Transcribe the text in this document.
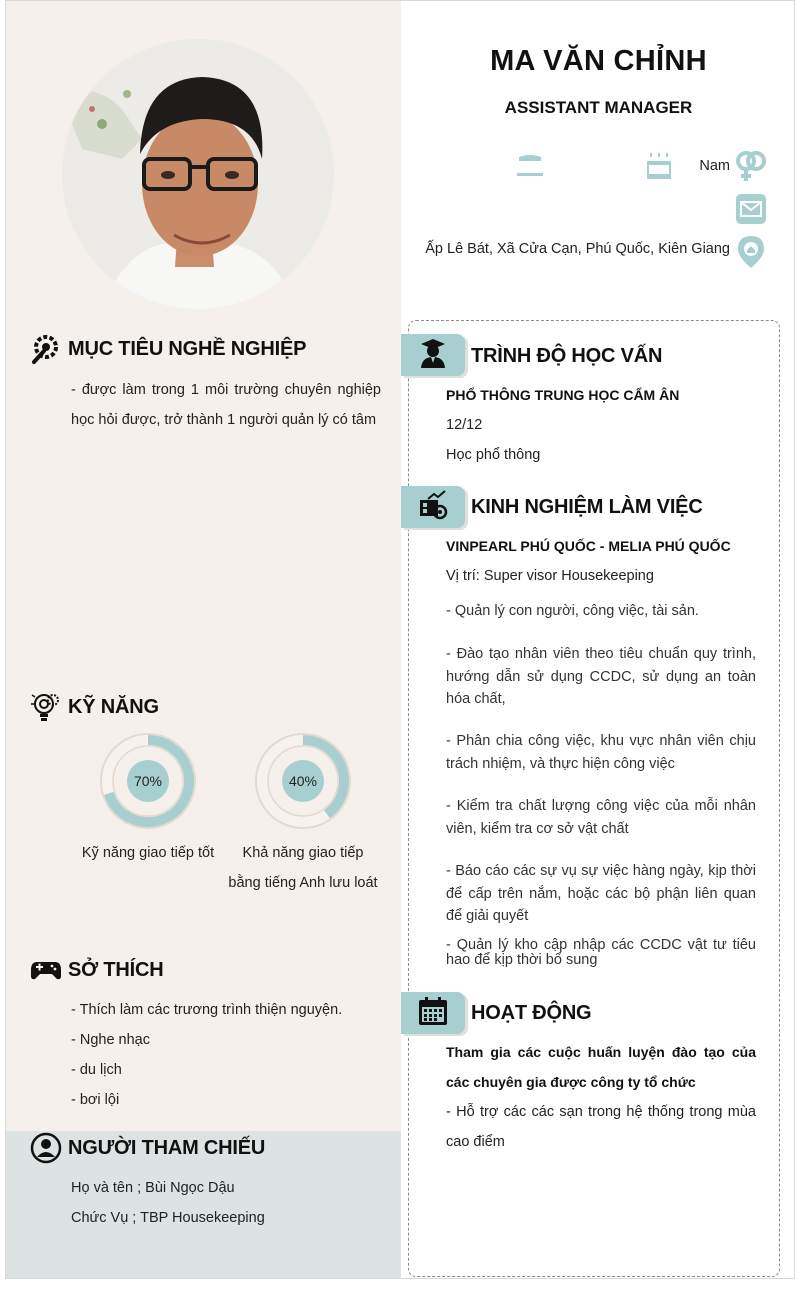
MỤC TIÊU NGHỀ NGHIỆP
- được làm trong 1 môi trường chuyên nghiệp học hỏi được, trở thành 1 người quản lý có tâm
KỸ NĂNG
70%	40%
Kỹ năng giao tiếp tốt	Khả năng giao tiếp bằng tiếng Anh lưu loát
SỞ THÍCH
- Thích làm các trương trình thiện nguyện.
- Nghe nhạc
- du lịch
- bơi lội
NGƯỜI THAM CHIẾU
Họ và tên ; Bùi Ngọc Dậu
Chức Vụ ; TBP Housekeeping
MA VĂN CHỈNH
ASSISTANT MANAGER
Nam
Ấp Lê Bát, Xã Cửa Cạn, Phú Quốc, Kiên Giang
TRÌNH ĐỘ HỌC VẤN
PHỔ THÔNG TRUNG HỌC CẨM ÂN
12/12
Học phổ thông
KINH NGHIỆM LÀM VIỆC
VINPEARL PHÚ QUỐC - MELIA PHÚ QUỐC
Vị trí: Super visor Housekeeping
- Quản lý con người, công việc, tài sản.
- Đào tạo nhân viên theo tiêu chuẩn quy trình, hướng dẫn sử dụng CCDC, sử dụng an toàn hóa chất,
- Phân chia công việc, khu vực nhân viên chịu trách nhiệm, và thực hiện công việc
- Kiểm tra chất lượng công việc của mỗi nhân viên, kiểm tra cơ sở vật chất
- Báo cáo các sự vụ sự việc hàng ngày, kịp thời để cấp trên nắm, hoặc các bộ phận liên quan để giải quyết
- Quản lý kho cập nhập các CCDC vật tư tiêu hao để kịp thời bổ sung
HOẠT ĐỘNG
Tham gia các cuộc huấn luyện đào tạo của các chuyên gia được công ty tổ chức
- Hỗ trợ các các sạn trong hệ thống trong mùa cao điểm
